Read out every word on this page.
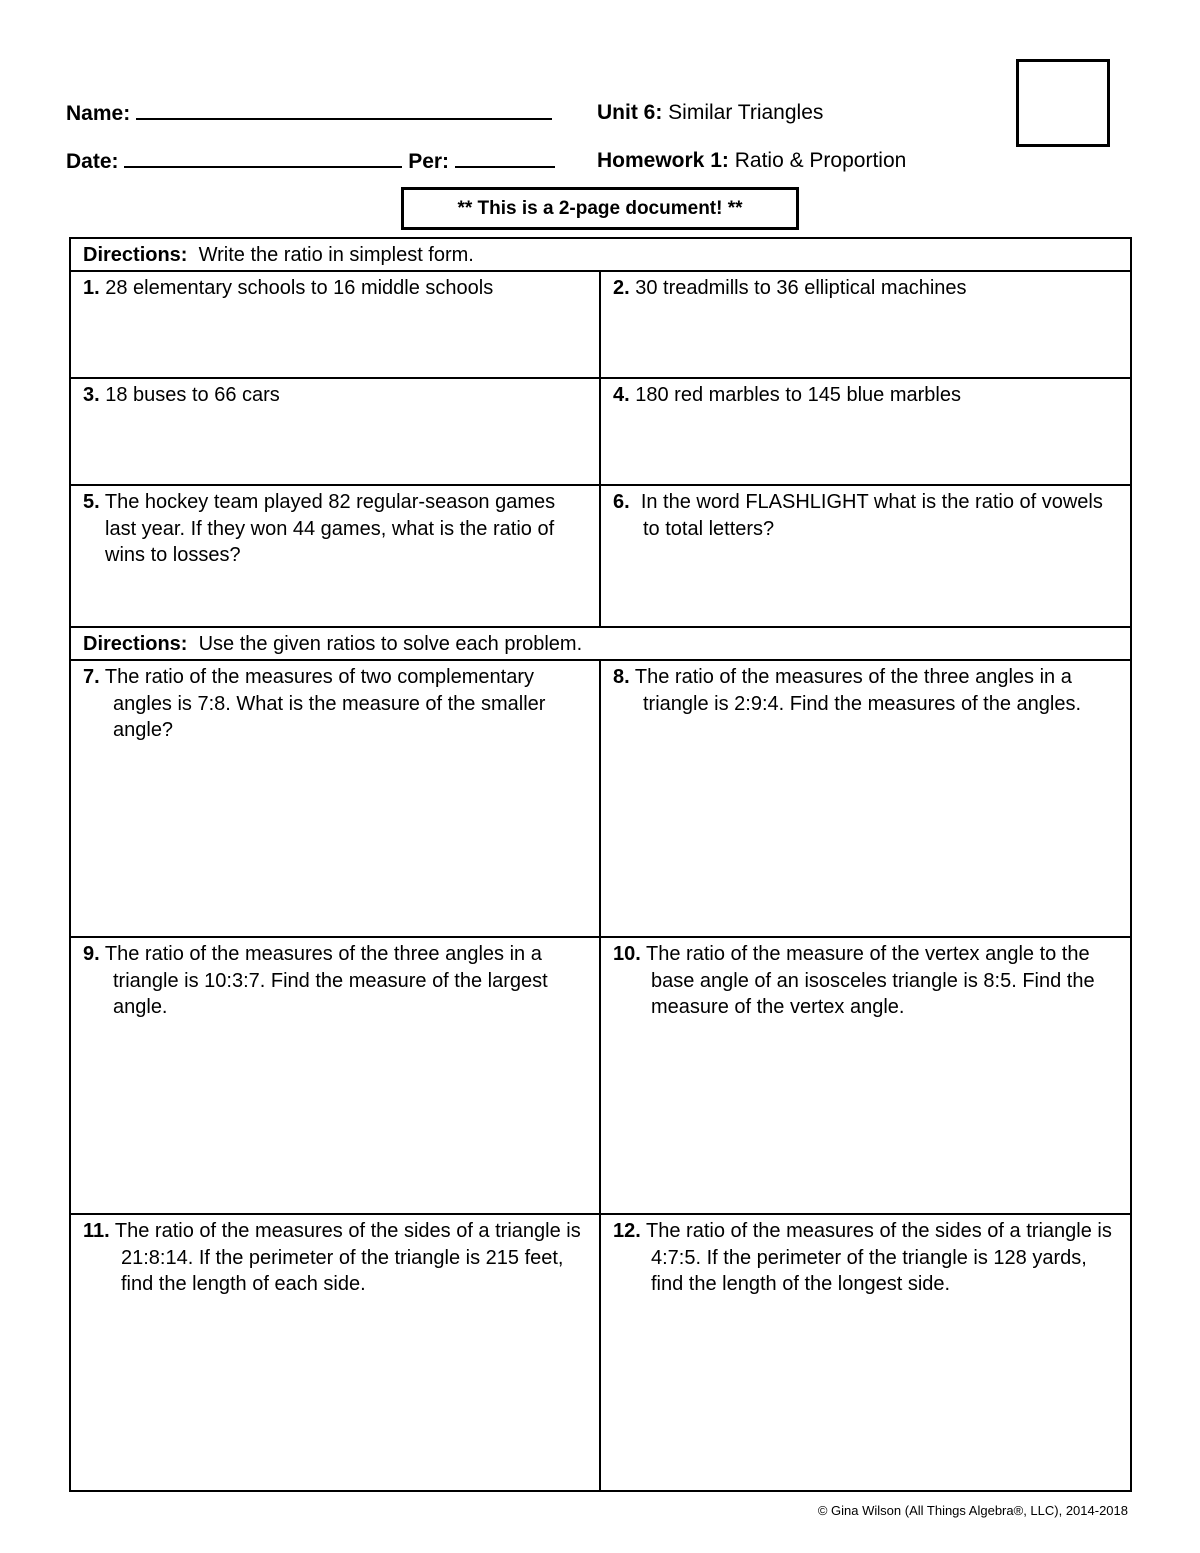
Name:
Date:	Per:
Unit 6: Similar Triangles
Homework 1: Ratio & Proportion
** This is a 2-page document! **
Directions: Write the ratio in simplest form.	

1. 28 elementary schools to 16 middle schools	2. 30 treadmills to 36 elliptical machines

3. 18 buses to 66 cars	4. 180 red marbles to 145 blue marbles

5. The hockey team played 82 regular-season games last year. If they won 44 games, what is the ratio of wins to losses?	6. In the word FLASHLIGHT what is the ratio of vowels to total letters?

Directions: Use the given ratios to solve each problem.	

7. The ratio of the measures of two complementary angles is 7:8. What is the measure of the smaller angle?	8. The ratio of the measures of the three angles in a triangle is 2:9:4. Find the measures of the angles.

9. The ratio of the measures of the three angles in a triangle is 10:3:7. Find the measure of the largest angle.	10. The ratio of the measure of the vertex angle to the base angle of an isosceles triangle is 8:5. Find the measure of the vertex angle.

11. The ratio of the measures of the sides of a triangle is 21:8:14. If the perimeter of the triangle is 215 feet, find the length of each side.	12. The ratio of the measures of the sides of a triangle is 4:7:5. If the perimeter of the triangle is 128 yards, find the length of the longest side.
© Gina Wilson (All Things Algebra®, LLC), 2014-2018
